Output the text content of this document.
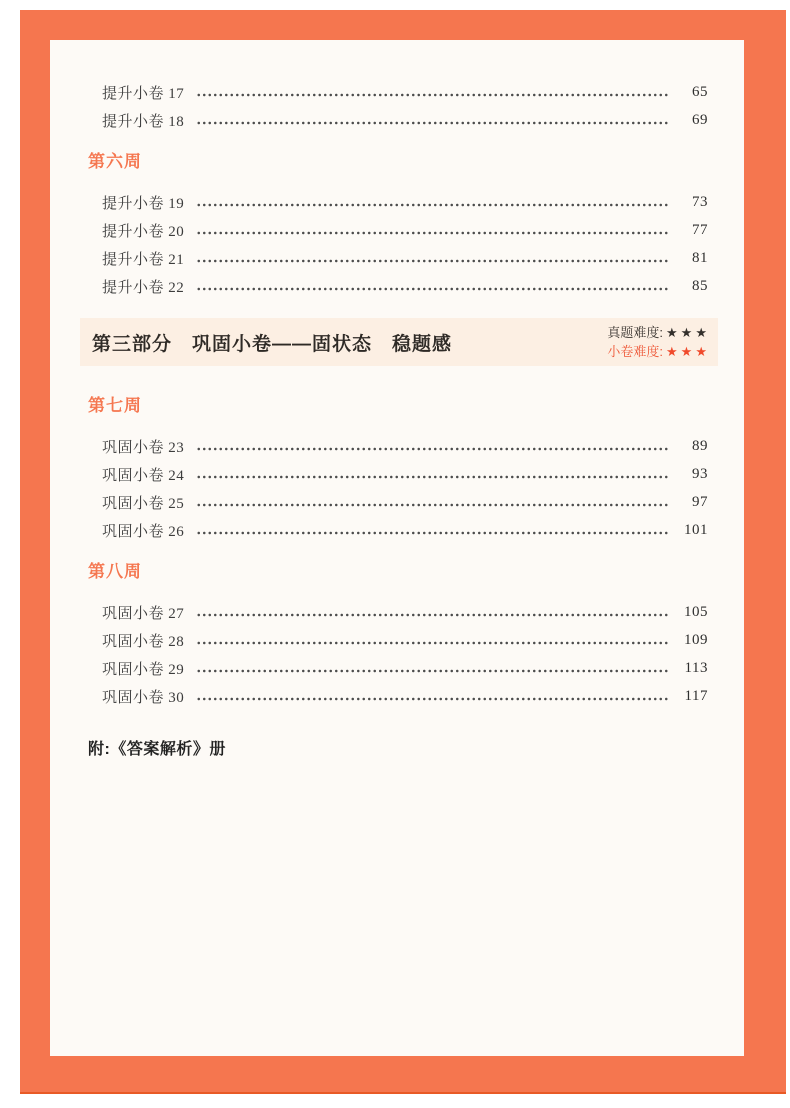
提升小卷 17	65
提升小卷 18	69
第六周
提升小卷 19	73
提升小卷 20	77
提升小卷 21	81
提升小卷 22	85
第三部分　巩固小卷——固状态　稳题感
真题难度: ★★★
小卷难度: ★★★
第七周
巩固小卷 23	89
巩固小卷 24	93
巩固小卷 25	97
巩固小卷 26	101
第八周
巩固小卷 27	105
巩固小卷 28	109
巩固小卷 29	113
巩固小卷 30	117
附:《答案解析》册
